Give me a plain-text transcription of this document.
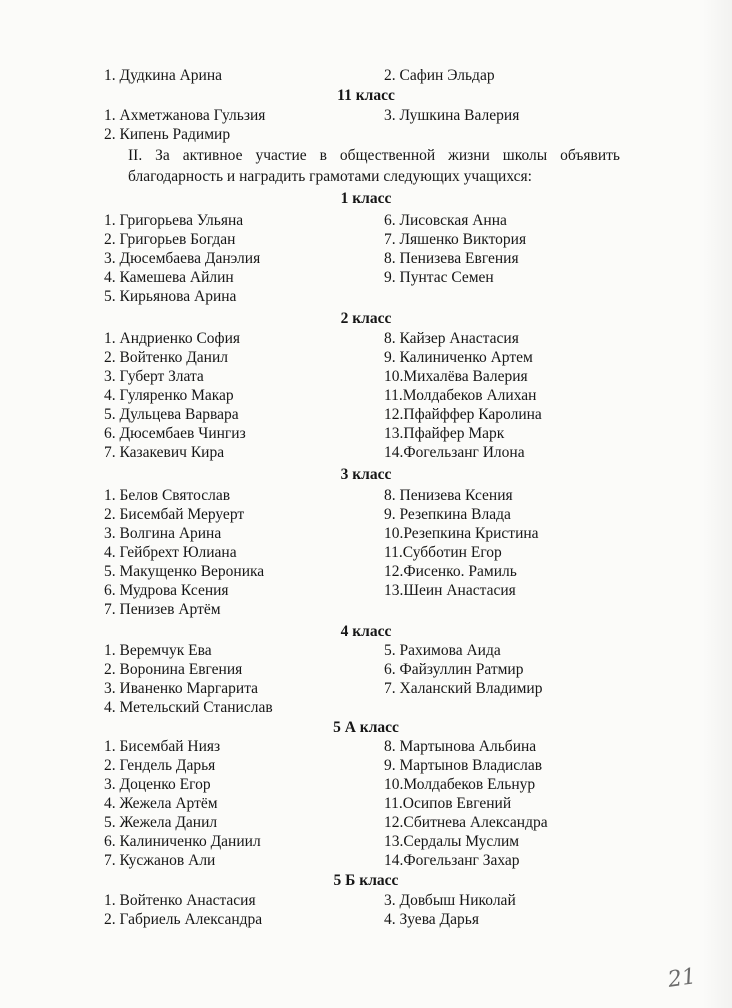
1. Дудкина Арина	2. Сафин Эльдар
11 класс
1. Ахметжанова Гульзия
2. Кипень Радимир
3. Лушкина Валерия
II. За активное участие в общественной жизни школы объявить благодарность и наградить грамотами следующих учащихся:
1 класс
1. Григорьева Ульяна
2. Григорьев Богдан
3. Дюсембаева Данэлия
4. Камешева Айлин
5. Кирьянова Арина
6. Лисовская Анна
7. Ляшенко Виктория
8. Пенизева Евгения
9. Пунтас Семен
2 класс
1. Андриенко София
2. Войтенко Данил
3. Губерт Злата
4. Гуляренко Макар
5. Дульцева Варвара
6. Дюсембаев Чингиз
7. Казакевич Кира
8. Кайзер Анастасия
9. Калиниченко Артем
10.Михалёва Валерия
11.Молдабеков Алихан
12.Пфайффер Каролина
13.Пфайфер Марк
14.Фогельзанг Илона
3 класс
1. Белов Святослав
2. Бисембай Меруерт
3. Волгина Арина
4. Гейбрехт Юлиана
5. Макущенко Вероника
6. Мудрова Ксения
7. Пенизев Артём
8. Пенизева Ксения
9. Резепкина Влада
10.Резепкина Кристина
11.Субботин Егор
12.Фисенко. Рамиль
13.Шеин Анастасия
4 класс
1. Веремчук Ева
2. Воронина Евгения
3. Иваненко Маргарита
4. Метельский Станислав
5. Рахимова Аида
6. Файзуллин Ратмир
7. Халанский Владимир
5 А класс
1. Бисембай Нияз
2. Гендель Дарья
3. Доценко Егор
4. Жежела Артём
5. Жежела Данил
6. Калиниченко Даниил
7. Кусжанов Али
8. Мартынова Альбина
9. Мартынов Владислав
10.Молдабеков Ельнур
11.Осипов Евгений
12.Сбитнева Александра
13.Сердалы Муслим
14.Фогельзанг Захар
5 Б класс
1. Войтенко Анастасия
2. Габриель Александра
3. Довбыш Николай
4. Зуева Дарья
21
